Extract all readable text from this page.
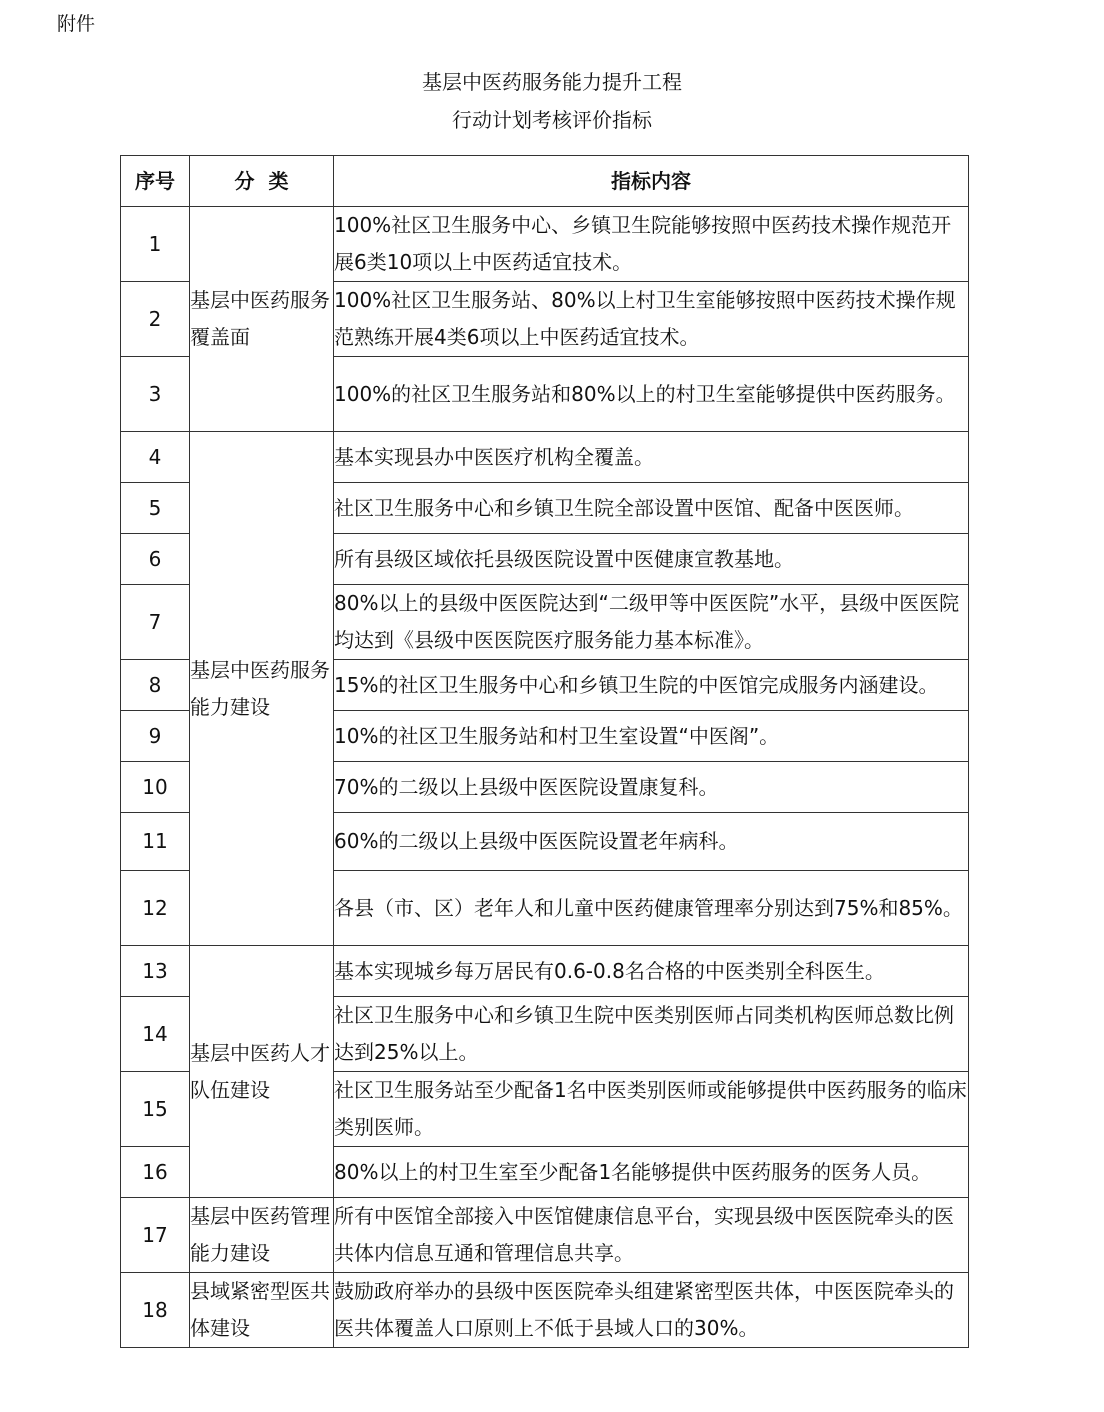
附件
基层中医药服务能力提升工程
行动计划考核评价指标
序号	分  类	指标内容
1	基层中医药服务覆盖面	100%社区卫生服务中心、乡镇卫生院能够按照中医药技术操作规范开展6类10项以上中医药适宜技术。
2		100%社区卫生服务站、80%以上村卫生室能够按照中医药技术操作规范熟练开展4类6项以上中医药适宜技术。
3		100%的社区卫生服务站和80%以上的村卫生室能够提供中医药服务。
4	基层中医药服务能力建设	基本实现县办中医医疗机构全覆盖。
5		社区卫生服务中心和乡镇卫生院全部设置中医馆、配备中医医师。
6		所有县级区域依托县级医院设置中医健康宣教基地。
7		80%以上的县级中医医院达到“二级甲等中医医院”水平，县级中医医院均达到《县级中医医院医疗服务能力基本标准》。
8		15%的社区卫生服务中心和乡镇卫生院的中医馆完成服务内涵建设。
9		10%的社区卫生服务站和村卫生室设置“中医阁”。
10		70%的二级以上县级中医医院设置康复科。
11		60%的二级以上县级中医医院设置老年病科。
12		各县（市、区）老年人和儿童中医药健康管理率分别达到75%和85%。
13	基层中医药人才队伍建设	基本实现城乡每万居民有0.6-0.8名合格的中医类别全科医生。
14		社区卫生服务中心和乡镇卫生院中医类别医师占同类机构医师总数比例达到25%以上。
15		社区卫生服务站至少配备1名中医类别医师或能够提供中医药服务的临床类别医师。
16		80%以上的村卫生室至少配备1名能够提供中医药服务的医务人员。
17	基层中医药管理能力建设	所有中医馆全部接入中医馆健康信息平台，实现县级中医医院牵头的医共体内信息互通和管理信息共享。
18	县域紧密型医共体建设	鼓励政府举办的县级中医医院牵头组建紧密型医共体，中医医院牵头的医共体覆盖人口原则上不低于县域人口的30%。
